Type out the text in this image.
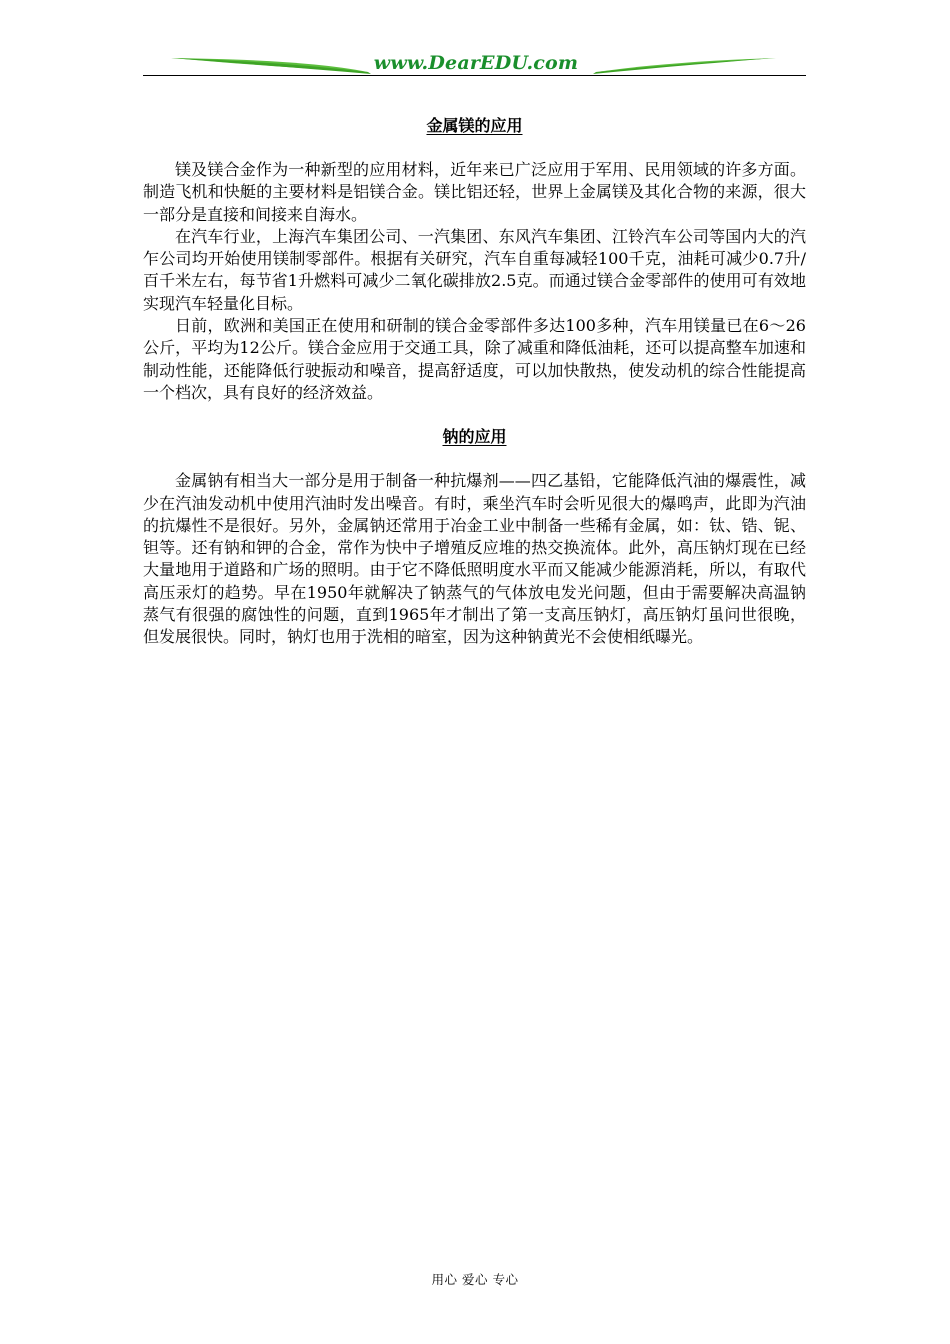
www.DearEDU.com
金属镁的应用

镁及镁合金作为一种新型的应用材料，近年来已广泛应用于军用、民用领域的许多方面。制造飞机和快艇的主要材料是铝镁合金。镁比铝还轻，世界上金属镁及其化合物的来源，很大一部分是直接和间接来自海水。

在汽车行业，上海汽车集团公司、一汽集团、东风汽车集团、江铃汽车公司等国内大的汽乍公司均开始使用镁制零部件。根据有关研究，汽车自重每减轻100千克，油耗可减少0.7升/百千米左右，每节省1升燃料可减少二氧化碳排放2.5克。而通过镁合金零部件的使用可有效地实现汽车轻量化目标。

日前，欧洲和美国正在使用和研制的镁合金零部件多达100多种，汽车用镁量已在6～26公斤，平均为12公斤。镁合金应用于交通工具，除了减重和降低油耗，还可以提高整车加速和制动性能，还能降低行驶振动和噪音，提高舒适度，可以加快散热，使发动机的综合性能提高一个档次，具有良好的经济效益。

钠的应用

金属钠有相当大一部分是用于制备一种抗爆剂——四乙基铅，它能降低汽油的爆震性，减少在汽油发动机中使用汽油时发出噪音。有时，乘坐汽车时会听见很大的爆鸣声，此即为汽油的抗爆性不是很好。另外，金属钠还常用于冶金工业中制备一些稀有金属，如：钛、锆、铌、钽等。还有钠和钾的合金，常作为快中子增殖反应堆的热交换流体。此外，高压钠灯现在已经大量地用于道路和广场的照明。由于它不降低照明度水平而又能减少能源消耗，所以，有取代高压汞灯的趋势。早在1950年就解决了钠蒸气的气体放电发光问题，但由于需要解决高温钠蒸气有很强的腐蚀性的问题，直到1965年才制出了第一支高压钠灯，高压钠灯虽问世很晚，但发展很快。同时，钠灯也用于洗相的暗室，因为这种钠黄光不会使相纸曝光。

用心 爱心 专心
